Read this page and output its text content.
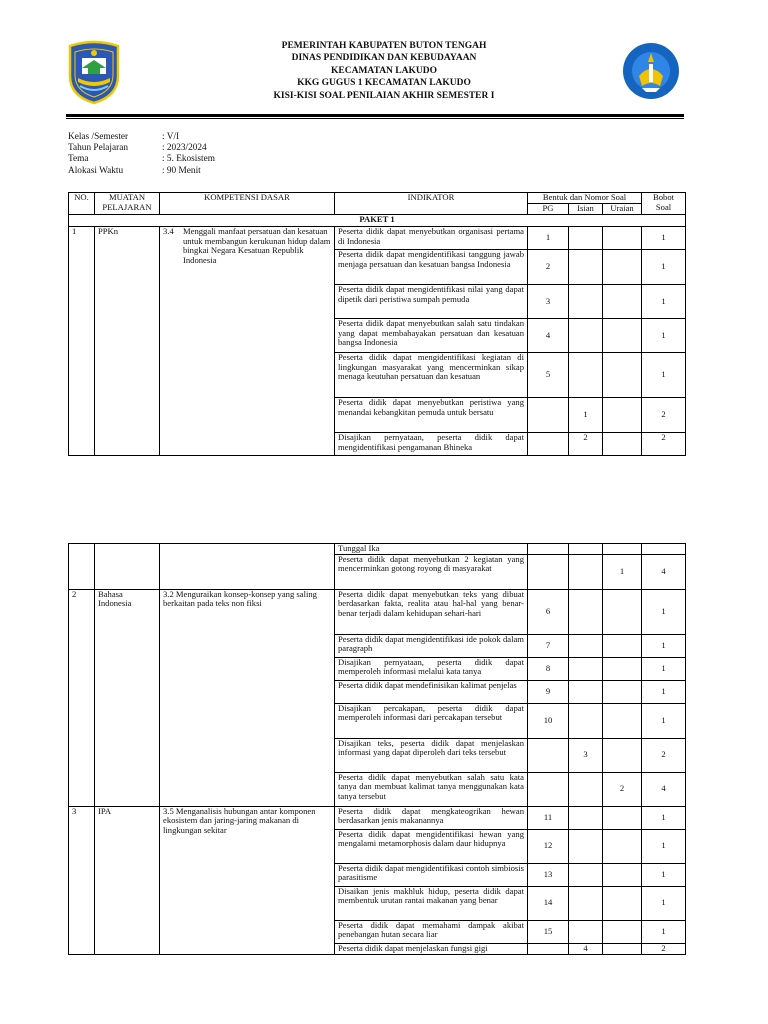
PEMERINTAH KABUPATEN BUTON TENGAH
DINAS PENDIDIKAN DAN KEBUDAYAAN
KECAMATAN LAKUDO
KKG GUGUS 1 KECAMATAN LAKUDO
KISI-KISI SOAL PENILAIAN AKHIR SEMESTER I
Kelas /Semester	: V/I
Tahun Pelajaran	: 2023/2024
Tema	: 5. Ekosistem
Alokasi Waktu	: 90 Menit
NO.	MUATAN PELAJARAN	KOMPETENSI DASAR	INDIKATOR	Bentuk dan Nomor Soal			Bobot Soal
				PG	Isian	Uraian	
PAKET 1							
1	PPKn	3.4 Menggali manfaat persatuan dan kesatuan untuk membangun kerukunan hidup dalam bingkai Negara Kesatuan Republik Indonesia	Peserta didik dapat menyebutkan organisasi pertama di Indonesia	1			1
			Peserta didik dapat mengidentifikasi tanggung jawab menjaga persatuan dan kesatuan bangsa Indonesia	2			1
			Peserta didik dapat mengidentifikasi nilai yang dapat dipetik dari peristiwa sumpah pemuda	3			1
			Peserta didik dapat menyebutkan salah satu tindakan yang dapat membahayakan persatuan dan kesatuan bangsa Indonesia	4			1
			Peserta didik dapat mengidentifikasi kegiatan di lingkungan masyarakat yang mencerminkan sikap menaga keutuhan persatuan dan kesatuan	5			1
			Peserta didik dapat menyebutkan peristiwa yang menandai kebangkitan pemuda untuk bersatu		1		2
			Disajikan pernyataan, peserta didik dapat mengidentifikasi pengamanan Bhineka		2		2
			Tunggal Ika				
			Peserta didik dapat menyebutkan 2 kegiatan yang mencerminkan gotong royong di masyarakat			1	4
2	Bahasa Indonesia	3.2 Menguraikan konsep-konsep yang saling berkaitan pada teks non fiksi	Peserta didik dapat menyebutkan teks yang dibuat berdasarkan fakta, realita atau hal-hal yang benar-benar terjadi dalam kehidupan sehari-hari	6			1
			Peserta didik dapat mengidentifikasi ide pokok dalam paragraph	7			1
			Disajikan pernyataan, peserta didik dapat memperoleh informasi melalui kata tanya	8			1
			Peserta didik dapat mendefinisikan kalimat penjelas	9			1
			Disajikan percakapan, peserta didik dapat memperoleh informasi dari percakapan tersebut	10			1
			Disajikan teks, peserta didik dapat menjelaskan informasi yang dapat diperoleh dari teks tersebut		3		2
			Peserta didik dapat menyebutkan salah satu kata tanya dan membuat kalimat tanya menggunakan kata tanya tersebut			2	4
3	IPA	3.5 Menganalisis hubungan antar komponen ekosistem dan jaring-jaring makanan di lingkungan sekitar	Peserta didik dapat mengkateogrikan hewan berdasarkan jenis makanannya	11			1
			Peserta didik dapat mengidentifikasi hewan yang mengalami metamorphosis dalam daur hidupnya	12			1
			Peserta didik dapat mengidentifikasi contoh simbiosis parasitisme	13			1
			Disaikan jenis makhluk hidup, peserta didik dapat membentuk urutan rantai makanan yang benar	14			1
			Peserta didik dapat memahami dampak akibat penebangan hutan secara liar	15			1
			Peserta didik dapat menjelaskan fungsi gigi		4		2
